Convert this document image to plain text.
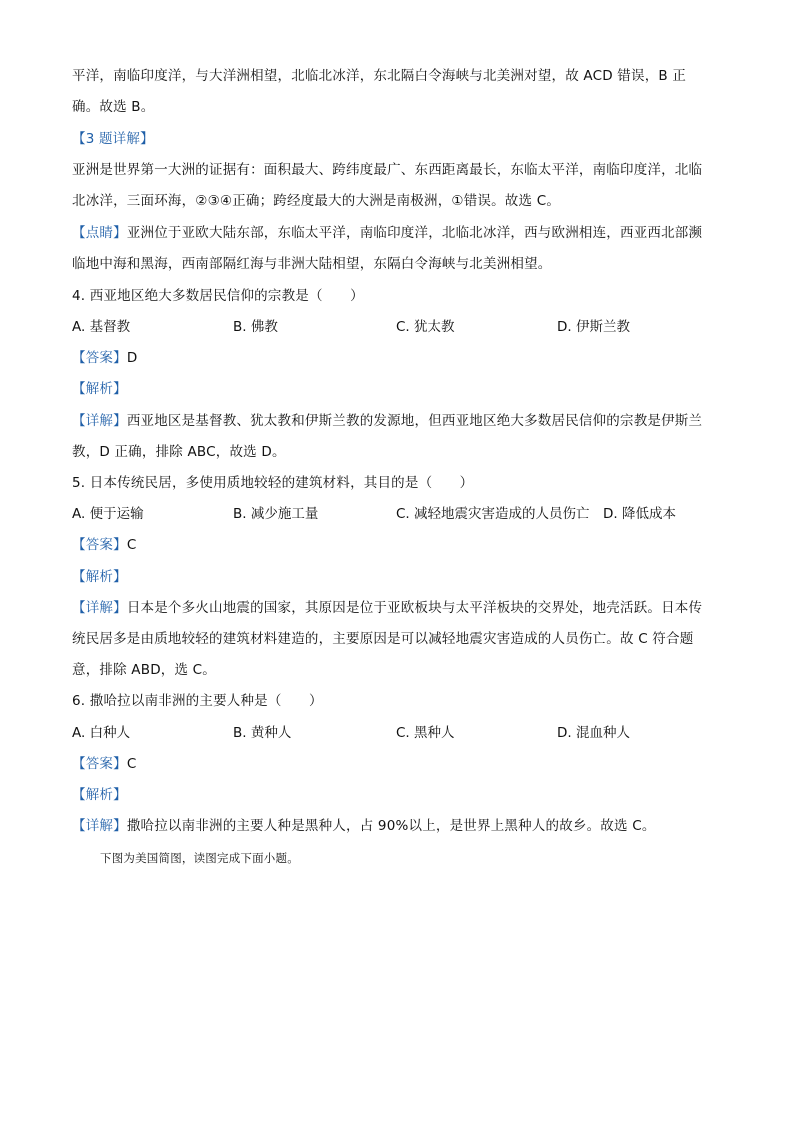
平洋，南临印度洋，与大洋洲相望，北临北冰洋，东北隔白令海峡与北美洲对望，故 ACD 错误，B 正
确。故选 B。
【3 题详解】
亚洲是世界第一大洲的证据有：面积最大、跨纬度最广、东西距离最长，东临太平洋，南临印度洋，北临
北冰洋，三面环海，②③④正确；跨经度最大的大洲是南极洲，①错误。故选 C。
【点睛】亚洲位于亚欧大陆东部，东临太平洋，南临印度洋，北临北冰洋，西与欧洲相连，西亚西北部濒
临地中海和黑海，西南部隔红海与非洲大陆相望，东隔白令海峡与北美洲相望。
4. 西亚地区绝大多数居民信仰的宗教是（　　）
A. 基督教	B. 佛教	C. 犹太教	D. 伊斯兰教
【答案】D
【解析】
【详解】西亚地区是基督教、犹太教和伊斯兰教的发源地，但西亚地区绝大多数居民信仰的宗教是伊斯兰
教，D 正确，排除 ABC，故选 D。
5. 日本传统民居，多使用质地较轻的建筑材料，其目的是（　　）
A. 便于运输	B. 减少施工量	C. 减轻地震灾害造成的人员伤亡 D. 降低成本
【答案】C
【解析】
【详解】日本是个多火山地震的国家，其原因是位于亚欧板块与太平洋板块的交界处，地壳活跃。日本传
统民居多是由质地较轻的建筑材料建造的，主要原因是可以减轻地震灾害造成的人员伤亡。故 C 符合题
意，排除 ABD，选 C。
6. 撒哈拉以南非洲的主要人种是（　　）
A. 白种人	B. 黄种人	C. 黑种人	D. 混血种人
【答案】C
【解析】
【详解】撒哈拉以南非洲的主要人种是黑种人，占 90%以上，是世界上黑种人的故乡。故选 C。
下图为美国简图，读图完成下面小题。
